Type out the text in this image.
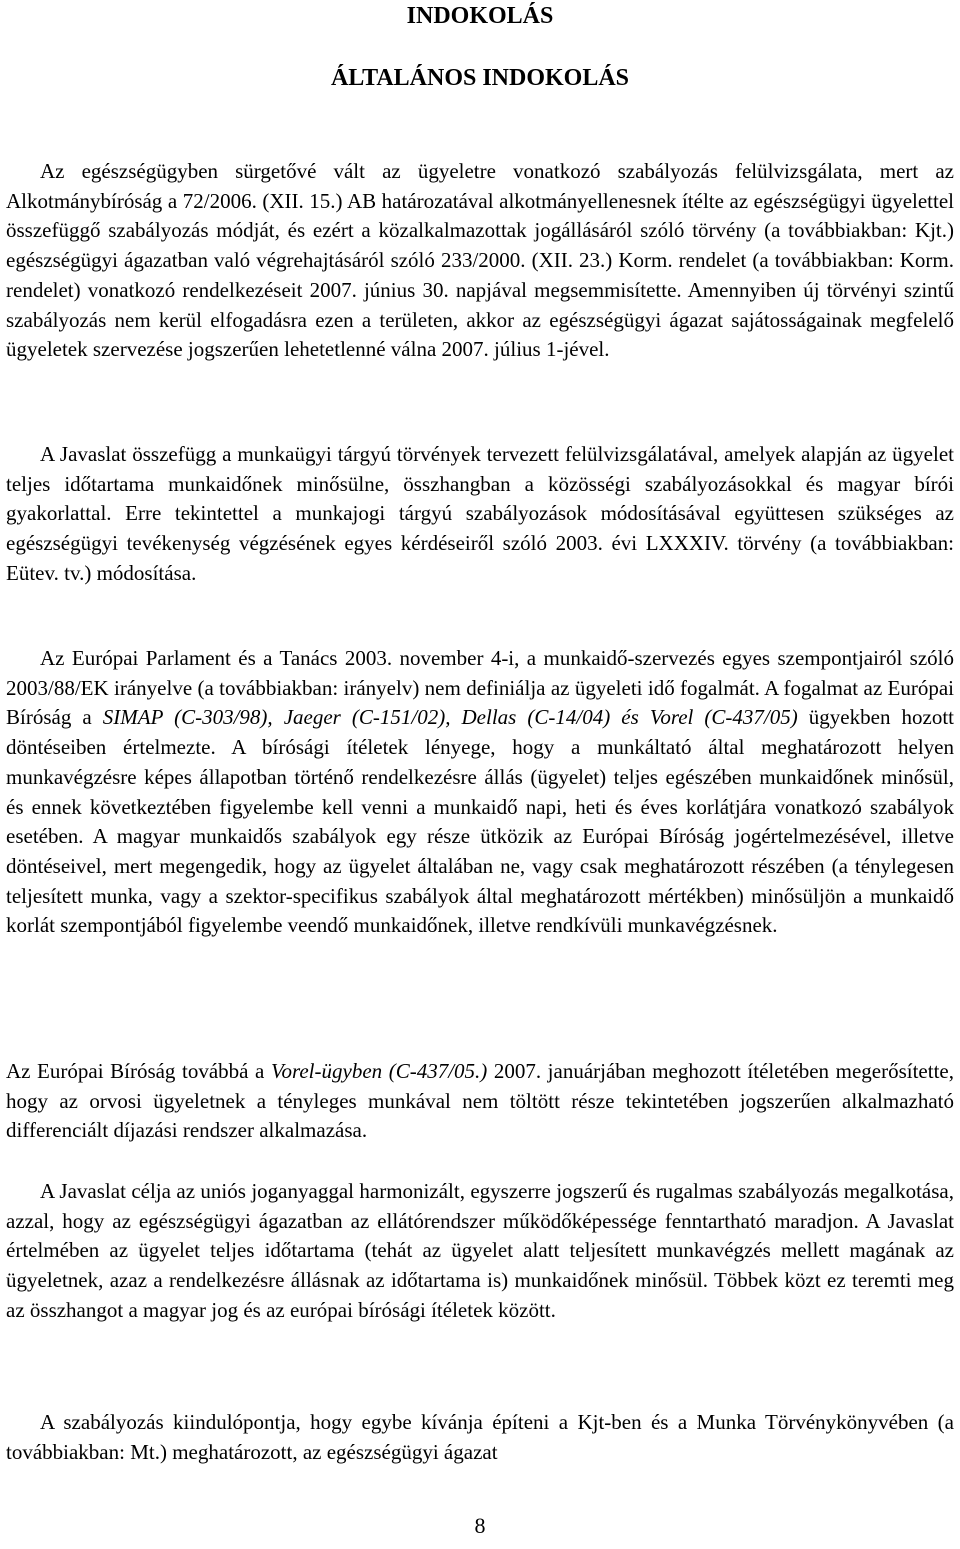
INDOKOLÁS
ÁLTALÁNOS INDOKOLÁS

Az egészségügyben sürgetővé vált az ügyeletre vonatkozó szabályozás felülvizsgálata, mert az Alkotmánybíróság a 72/2006. (XII. 15.) AB határozatával alkotmányellenesnek ítélte az egészségügyi ügyelettel összefüggő szabályozás módját, és ezért a közalkalmazottak jogállásáról szóló törvény (a továbbiakban: Kjt.) egészségügyi ágazatban való végrehajtásáról szóló 233/2000. (XII. 23.) Korm. rendelet (a továbbiakban: Korm. rendelet) vonatkozó rendelkezéseit 2007. június 30. napjával megsemmisítette. Amennyiben új törvényi szintű szabályozás nem kerül elfogadásra ezen a területen, akkor az egészségügyi ágazat sajátosságainak megfelelő ügyeletek szervezése jogszerűen lehetetlenné válna 2007. július 1-jével.

A Javaslat összefügg a munkaügyi tárgyú törvények tervezett felülvizsgálatával, amelyek alapján az ügyelet teljes időtartama munkaidőnek minősülne, összhangban a közösségi szabályozásokkal és magyar bírói gyakorlattal. Erre tekintettel a munkajogi tárgyú szabályozások módosításával együttesen szükséges az egészségügyi tevékenység végzésének egyes kérdéseiről szóló 2003. évi LXXXIV. törvény (a továbbiakban: Eütev. tv.) módosítása.

Az Európai Parlament és a Tanács 2003. november 4-i, a munkaidő-szervezés egyes szempontjairól szóló 2003/88/EK irányelve (a továbbiakban: irányelv) nem definiálja az ügyeleti idő fogalmát. A fogalmat az Európai Bíróság a SIMAP (C-303/98), Jaeger (C-151/02), Dellas (C-14/04) és Vorel (C-437/05) ügyekben hozott döntéseiben értelmezte. A bírósági ítéletek lényege, hogy a munkáltató által meghatározott helyen munkavégzésre képes állapotban történő rendelkezésre állás (ügyelet) teljes egészében munkaidőnek minősül, és ennek következtében figyelembe kell venni a munkaidő napi, heti és éves korlátjára vonatkozó szabályok esetében. A magyar munkaidős szabályok egy része ütközik az Európai Bíróság jogértelmezésével, illetve döntéseivel, mert megengedik, hogy az ügyelet általában ne, vagy csak meghatározott részében (a ténylegesen teljesített munka, vagy a szektor-specifikus szabályok által meghatározott mértékben) minősüljön a munkaidő korlát szempontjából figyelembe veendő munkaidőnek, illetve rendkívüli munkavégzésnek.

Az Európai Bíróság továbbá a Vorel-ügyben (C-437/05.) 2007. januárjában meghozott ítéletében megerősítette, hogy az orvosi ügyeletnek a tényleges munkával nem töltött része tekintetében jogszerűen alkalmazható differenciált díjazási rendszer alkalmazása.

A Javaslat célja az uniós joganyaggal harmonizált, egyszerre jogszerű és rugalmas szabályozás megalkotása, azzal, hogy az egészségügyi ágazatban az ellátórendszer működőképessége fenntartható maradjon. A Javaslat értelmében az ügyelet teljes időtartama (tehát az ügyelet alatt teljesített munkavégzés mellett magának az ügyeletnek, azaz a rendelkezésre állásnak az időtartama is) munkaidőnek minősül. Többek közt ez teremti meg az összhangot a magyar jog és az európai bírósági ítéletek között.

A szabályozás kiindulópontja, hogy egybe kívánja építeni a Kjt-ben és a Munka Törvénykönyvében (a továbbiakban: Mt.) meghatározott, az egészségügyi ágazat

8
